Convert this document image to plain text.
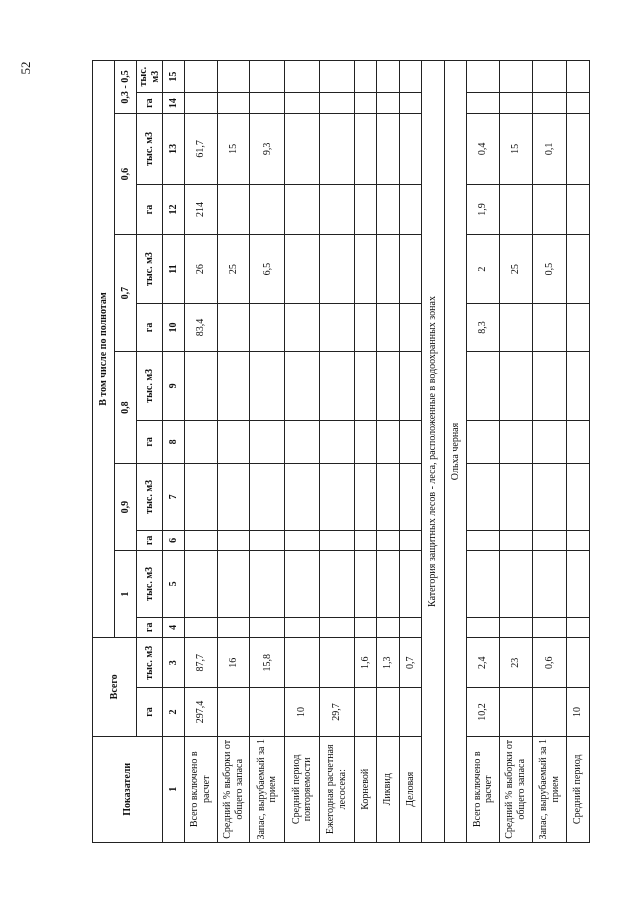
52
Показатели	Всего		В том числе по полнотам											
			1		0,9		0,8		0,7		0,6		0,3 - 0,5	
	га	тыс. м3	га	тыс. м3	га	тыс. м3	га	тыс. м3	га	тыс. м3	га	тыс. м3	га	тыс. м3
1	2	3	4	5	6	7	8	9	10	11	12	13	14	15
Всего включено в расчет	297,4	87,7							83,4	26	214	61,7		
Средний % выборки от общего запаса		16								25		15		
Запас, вырубаемый за 1 прием		15,8								6,5		9,3		
Средний период повторяемости	10													
Ежегодная расчетная лесосека:	29,7													
Корневой		1,6												
Ликвид		1,3												
Деловая		0,7												
Категория защитных лесов - леса, расположенные в водоохранных зонах														
Ольха черная														
Всего включено в расчет	10,2	2,4							8,3	2	1,9	0,4		
Средний % выборки от общего запаса		23								25		15		
Запас, вырубаемый за 1 прием		0,6								0,5		0,1		
Средний период	10													
